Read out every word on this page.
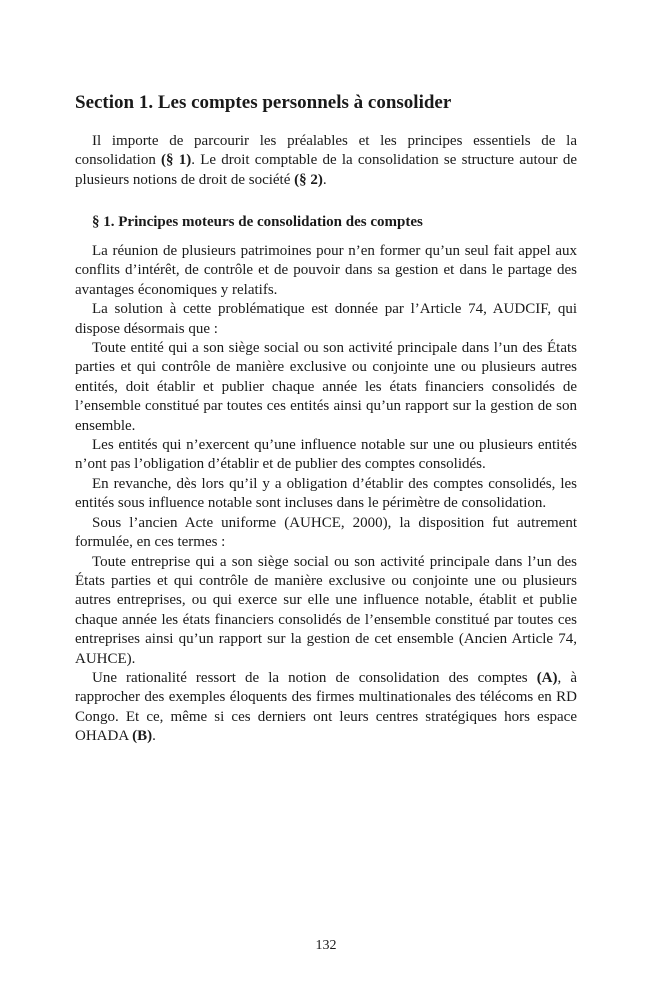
Section 1. Les comptes personnels à consolider

Il importe de parcourir les préalables et les principes essentiels de la consolidation (§ 1). Le droit comptable de la consolidation se structure autour de plusieurs notions de droit de société (§ 2).

§ 1. Principes moteurs de consolidation des comptes

La réunion de plusieurs patrimoines pour n’en former qu’un seul fait appel aux conflits d’intérêt, de contrôle et de pouvoir dans sa gestion et dans le partage des avantages économiques y relatifs.

La solution à cette problématique est donnée par l’Article 74, AUDCIF, qui dispose désormais que :

Toute entité qui a son siège social ou son activité principale dans l’un des États parties et qui contrôle de manière exclusive ou conjointe une ou plusieurs autres entités, doit établir et publier chaque année les états financiers consolidés de l’ensemble constitué par toutes ces entités ainsi qu’un rapport sur la gestion de son ensemble.

Les entités qui n’exercent qu’une influence notable sur une ou plusieurs entités n’ont pas l’obligation d’établir et de publier des comptes consolidés.

En revanche, dès lors qu’il y a obligation d’établir des comptes consolidés, les entités sous influence notable sont incluses dans le périmètre de consolidation.

Sous l’ancien Acte uniforme (AUHCE, 2000), la disposition fut autrement formulée, en ces termes :

Toute entreprise qui a son siège social ou son activité principale dans l’un des États parties et qui contrôle de manière exclusive ou conjointe une ou plusieurs autres entreprises, ou qui exerce sur elle une influence notable, établit et publie chaque année les états financiers consolidés de l’ensemble constitué par toutes ces entreprises ainsi qu’un rapport sur la gestion de cet ensemble (Ancien Article 74, AUHCE).

Une rationalité ressort de la notion de consolidation des comptes (A), à rapprocher des exemples éloquents des firmes multinationales des télécoms en RD Congo. Et ce, même si ces derniers ont leurs centres stratégiques hors espace OHADA (B).

132
